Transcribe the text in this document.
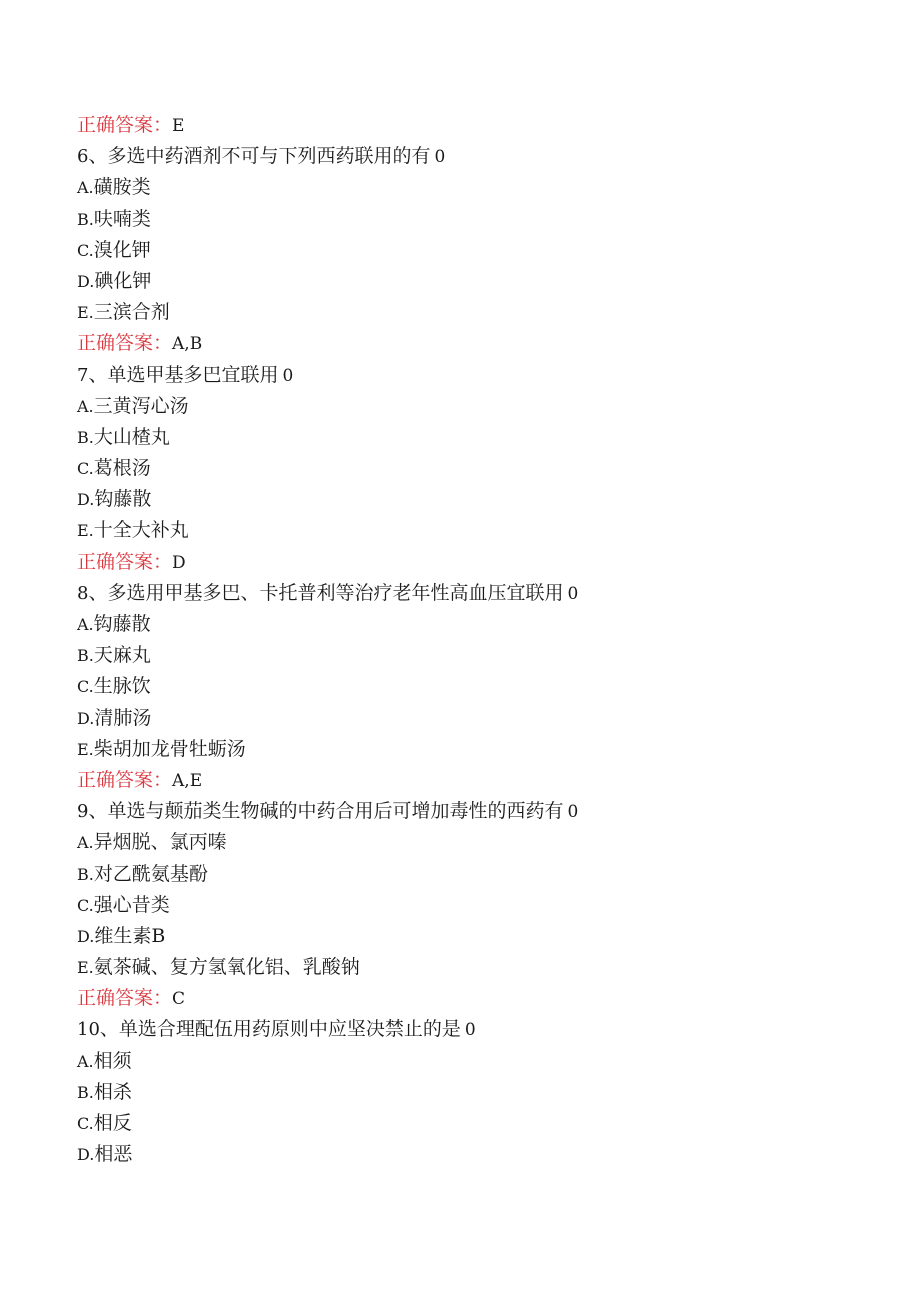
正确答案：E
6、多选中药酒剂不可与下列西药联用的有 0
A.磺胺类
B.呋喃类
C.溴化钾
D.碘化钾
E.三滨合剂
正确答案：A,B
7、单选甲基多巴宜联用 0
A.三黄泻心汤
B.大山楂丸
C.葛根汤
D.钩藤散
E.十全大补丸
正确答案：D
8、多选用甲基多巴、卡托普利等治疗老年性高血压宜联用 0
A.钩藤散
B.天麻丸
C.生脉饮
D.清肺汤
E.柴胡加龙骨牡蛎汤
正确答案：A,E
9、单选与颠茄类生物碱的中药合用后可增加毒性的西药有 0
A.异烟脱、氯丙嗪
B.对乙酰氨基酚
C.强心昔类
D.维生素B
E.氨茶碱、复方氢氧化铝、乳酸钠
正确答案：C
10、单选合理配伍用药原则中应坚决禁止的是 0
A.相须
B.相杀
C.相反
D.相恶
